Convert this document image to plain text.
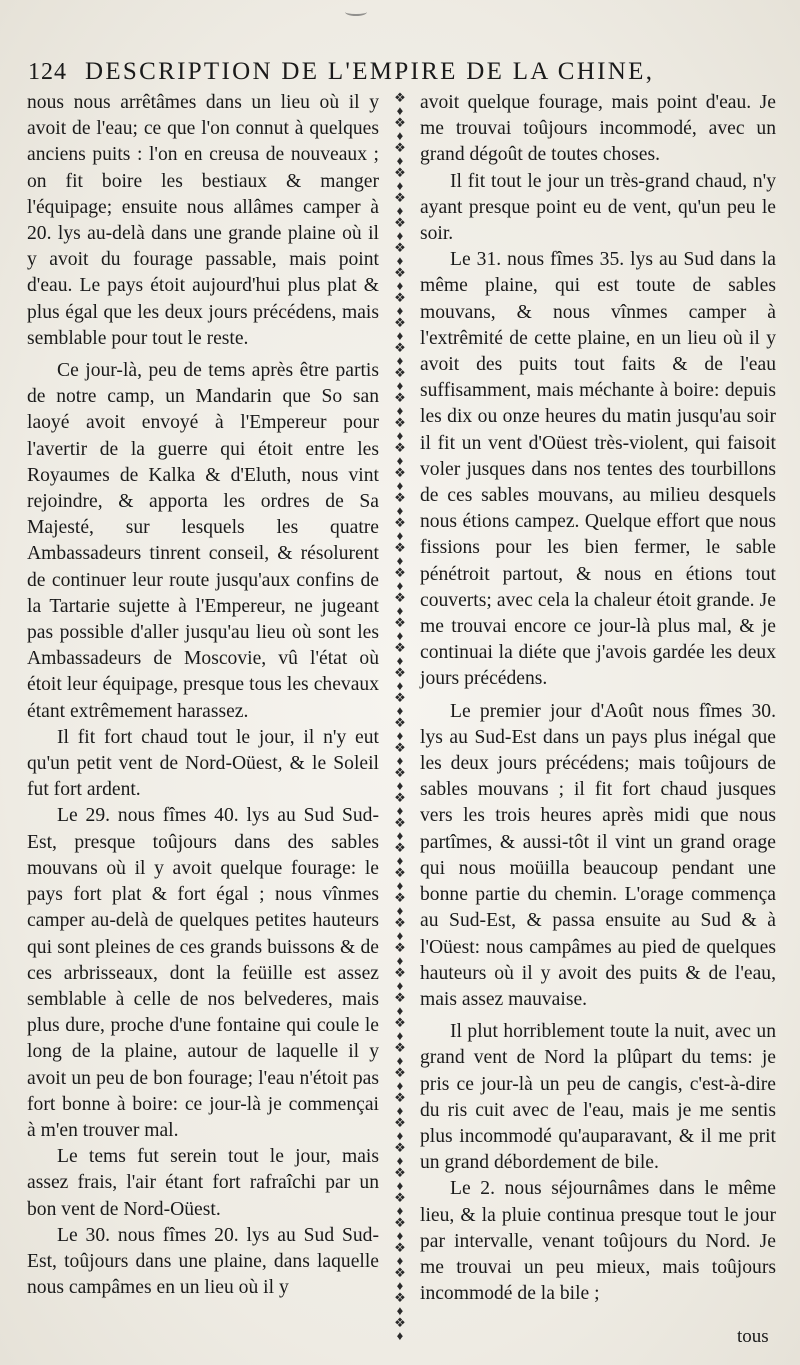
124 DESCRIPTION DE L'EMPIRE DE LA CHINE,

nous nous arrêtâmes dans un lieu où il y avoit de l'eau; ce que l'on connut à quelques anciens puits : l'on en creusa de nouveaux ; on fit boire les bestiaux & manger l'équipage; ensuite nous allâmes camper à 20. lys au-delà dans une grande plaine où il y avoit du fourage passable, mais point d'eau. Le pays étoit aujourd'hui plus plat & plus égal que les deux jours précédens, mais semblable pour tout le reste.

Ce jour-là, peu de tems après être partis de notre camp, un Mandarin que So san laoyé avoit envoyé à l'Empereur pour l'avertir de la guerre qui étoit entre les Royaumes de Kalka & d'Eluth, nous vint rejoindre, & apporta les ordres de Sa Majesté, sur lesquels les quatre Ambassadeurs tinrent conseil, & résolurent de continuer leur route jusqu'aux confins de la Tartarie sujette à l'Empereur, ne jugeant pas possible d'aller jusqu'au lieu où sont les Ambassadeurs de Moscovie, vû l'état où étoit leur équipage, presque tous les chevaux étant extrêmement harassez.

Il fit fort chaud tout le jour, il n'y eut qu'un petit vent de Nord-Oüest, & le Soleil fut fort ardent.

Le 29. nous fîmes 40. lys au Sud Sud-Est, presque toûjours dans des sables mouvans où il y avoit quelque fourage: le pays fort plat & fort égal ; nous vînmes camper au-delà de quelques petites hauteurs qui sont pleines de ces grands buissons & de ces arbrisseaux, dont la feüille est assez semblable à celle de nos belvederes, mais plus dure, proche d'une fontaine qui coule le long de la plaine, autour de laquelle il y avoit un peu de bon fourage; l'eau n'étoit pas fort bonne à boire: ce jour-là je commençai à m'en trouver mal.

Le tems fut serein tout le jour, mais assez frais, l'air étant fort rafraîchi par un bon vent de Nord-Oüest.

Le 30. nous fîmes 20. lys au Sud Sud-Est, toûjours dans une plaine, dans laquelle nous campâmes en un lieu où il y

❖
♦
❖
♦
❖
♦
❖
♦
❖
♦
❖
♦
❖
♦
❖
♦
❖
♦
❖
♦
❖
♦
❖
♦
❖
♦
❖
♦
❖
♦
❖
♦
❖
♦
❖
♦
❖
♦
❖
♦
❖
♦
❖
♦
❖
♦
❖
♦
❖
♦
❖
♦
❖
♦
❖
♦
❖
♦
❖
♦
❖
♦
❖
♦
❖
♦
❖
♦
❖
♦
❖
♦
❖
♦
❖
♦
❖
♦
❖
♦
❖
♦
❖
♦
❖
♦
❖
♦
❖
♦
❖
♦
❖
♦
❖
♦
❖
♦
❖
♦

avoit quelque fourage, mais point d'eau. Je me trouvai toûjours incommodé, avec un grand dégoût de toutes choses.

Il fit tout le jour un très-grand chaud, n'y ayant presque point eu de vent, qu'un peu le soir.

Le 31. nous fîmes 35. lys au Sud dans la même plaine, qui est toute de sables mouvans, & nous vînmes camper à l'extrêmité de cette plaine, en un lieu où il y avoit des puits tout faits & de l'eau suffisamment, mais méchante à boire: depuis les dix ou onze heures du matin jusqu'au soir il fit un vent d'Oüest très-violent, qui faisoit voler jusques dans nos tentes des tourbillons de ces sables mouvans, au milieu desquels nous étions campez. Quelque effort que nous fissions pour les bien fermer, le sable pénétroit partout, & nous en étions tout couverts; avec cela la chaleur étoit grande. Je me trouvai encore ce jour-là plus mal, & je continuai la diéte que j'avois gardée les deux jours précédens.

Le premier jour d'Août nous fîmes 30. lys au Sud-Est dans un pays plus inégal que les deux jours précédens; mais toûjours de sables mouvans ; il fit fort chaud jusques vers les trois heures après midi que nous partîmes, & aussi-tôt il vint un grand orage qui nous moüilla beaucoup pendant une bonne partie du chemin. L'orage commença au Sud-Est, & passa ensuite au Sud & à l'Oüest: nous campâmes au pied de quelques hauteurs où il y avoit des puits & de l'eau, mais assez mauvaise.

Il plut horriblement toute la nuit, avec un grand vent de Nord la plûpart du tems: je pris ce jour-là un peu de cangis, c'est-à-dire du ris cuit avec de l'eau, mais je me sentis plus incommodé qu'auparavant, & il me prit un grand débordement de bile.

Le 2. nous séjournâmes dans le même lieu, & la pluie continua presque tout le jour par intervalle, venant toûjours du Nord. Je me trouvai un peu mieux, mais toûjours incommodé de la bile ;

tous
